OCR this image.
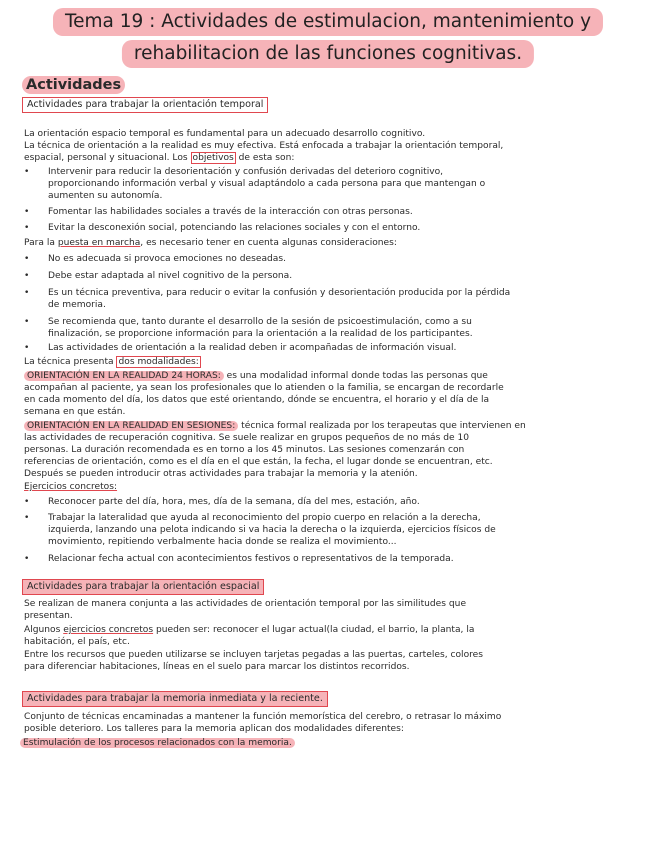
Tema 19 : Actividades de estimulacion, mantenimiento y
rehabilitacion de las funciones cognitivas.
Actividades
Actividades para trabajar la orientación temporal
La orientación espacio temporal es fundamental para un adecuado desarrollo cognitivo.
La técnica de orientación a la realidad es muy efectiva. Está enfocada a trabajar la orientación temporal,
espacial, personal y situacional. Los objetivos de esta son:
• Intervenir para reducir la desorientación y confusión derivadas del deterioro cognitivo,
proporcionando información verbal y visual adaptándolo a cada persona para que mantengan o
aumenten su autonomía.
• Fomentar las habilidades sociales a través de la interacción con otras personas.
• Evitar la desconexión social, potenciando las relaciones sociales y con el entorno.
Para la puesta en marcha, es necesario tener en cuenta algunas consideraciones:
• No es adecuada si provoca emociones no deseadas.
• Debe estar adaptada al nivel cognitivo de la persona.
• Es un técnica preventiva, para reducir o evitar la confusión y desorientación producida por la pérdida
de memoria.
• Se recomienda que, tanto durante el desarrollo de la sesión de psicoestimulación, como a su
finalización, se proporcione información para la orientación a la realidad de los participantes.
• Las actividades de orientación a la realidad deben ir acompañadas de información visual.
La técnica presenta dos modalidades:
ORIENTACIÓN EN LA REALIDAD 24 HORAS: es una modalidad informal donde todas las personas que
acompañan al paciente, ya sean los profesionales que lo atienden o la familia, se encargan de recordarle
en cada momento del día, los datos que esté orientando, dónde se encuentra, el horario y el día de la
semana en que están.
ORIENTACIÓN EN LA REALIDAD EN SESIONES: técnica formal realizada por los terapeutas que intervienen en
las actividades de recuperación cognitiva. Se suele realizar en grupos pequeños de no más de 10
personas. La duración recomendada es en torno a los 45 minutos. Las sesiones comenzarán con
referencias de orientación, como es el día en el que están, la fecha, el lugar donde se encuentran, etc.
Después se pueden introducir otras actividades para trabajar la memoria y la atenión.
Ejercicios concretos:
• Reconocer parte del día, hora, mes, día de la semana, día del mes, estación, año.
• Trabajar la lateralidad que ayuda al reconocimiento del propio cuerpo en relación a la derecha,
izquierda, lanzando una pelota indicando si va hacia la derecha o la izquierda, ejercicios físicos de
movimiento, repitiendo verbalmente hacia donde se realiza el movimiento...
• Relacionar fecha actual con acontecimientos festivos o representativos de la temporada.
Actividades para trabajar la orientación espacial
Se realizan de manera conjunta a las actividades de orientación temporal por las similitudes que
presentan.
Algunos ejercicios concretos pueden ser: reconocer el lugar actual(la ciudad, el barrio, la planta, la
habitación, el país, etc.
Entre los recursos que pueden utilizarse se incluyen tarjetas pegadas a las puertas, carteles, colores
para diferenciar habitaciones, líneas en el suelo para marcar los distintos recorridos.
Actividades para trabajar la memoria inmediata y la reciente.
Conjunto de técnicas encaminadas a mantener la función memorística del cerebro, o retrasar lo máximo
posible deterioro. Los talleres para la memoria aplican dos modalidades diferentes:
Estimulación de los procesos relacionados con la memoria.
